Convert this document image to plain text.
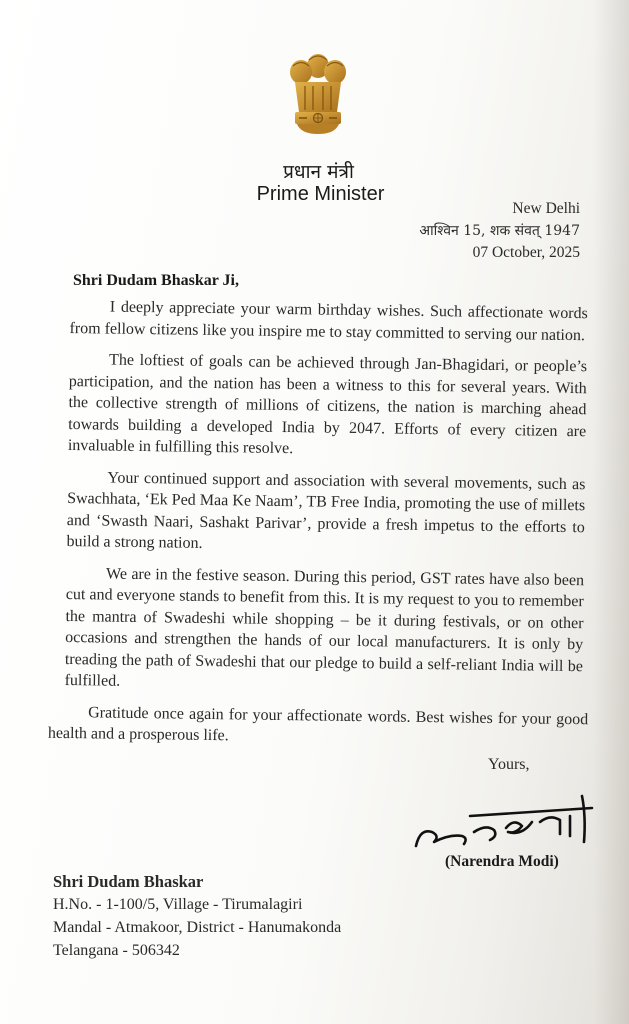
प्रधान मंत्री
Prime Minister
New Delhi
आश्विन 15, शक संवत् 1947
07 October, 2025
Shri Dudam Bhaskar Ji,

I deeply appreciate your warm birthday wishes. Such affectionate words from fellow citizens like you inspire me to stay committed to serving our nation.

The loftiest of goals can be achieved through Jan-Bhagidari, or people’s participation, and the nation has been a witness to this for several years. With the collective strength of millions of citizens, the nation is marching ahead towards building a developed India by 2047. Efforts of every citizen are invaluable in fulfilling this resolve.

Your continued support and association with several movements, such as Swachhata, ‘Ek Ped Maa Ke Naam’, TB Free India, promoting the use of millets and ‘Swasth Naari, Sashakt Parivar’, provide a fresh impetus to the efforts to build a strong nation.

We are in the festive season. During this period, GST rates have also been cut and everyone stands to benefit from this. It is my request to you to remember the mantra of Swadeshi while shopping – be it during festivals, or on other occasions and strengthen the hands of our local manufacturers. It is only by treading the path of Swadeshi that our pledge to build a self-reliant India will be fulfilled.

Gratitude once again for your affectionate words. Best wishes for your good health and a prosperous life.

Yours,
(Narendra Modi)
Shri Dudam Bhaskar
H.No. - 1-100/5, Village - Tirumalagiri
Mandal - Atmakoor, District - Hanumakonda
Telangana - 506342
